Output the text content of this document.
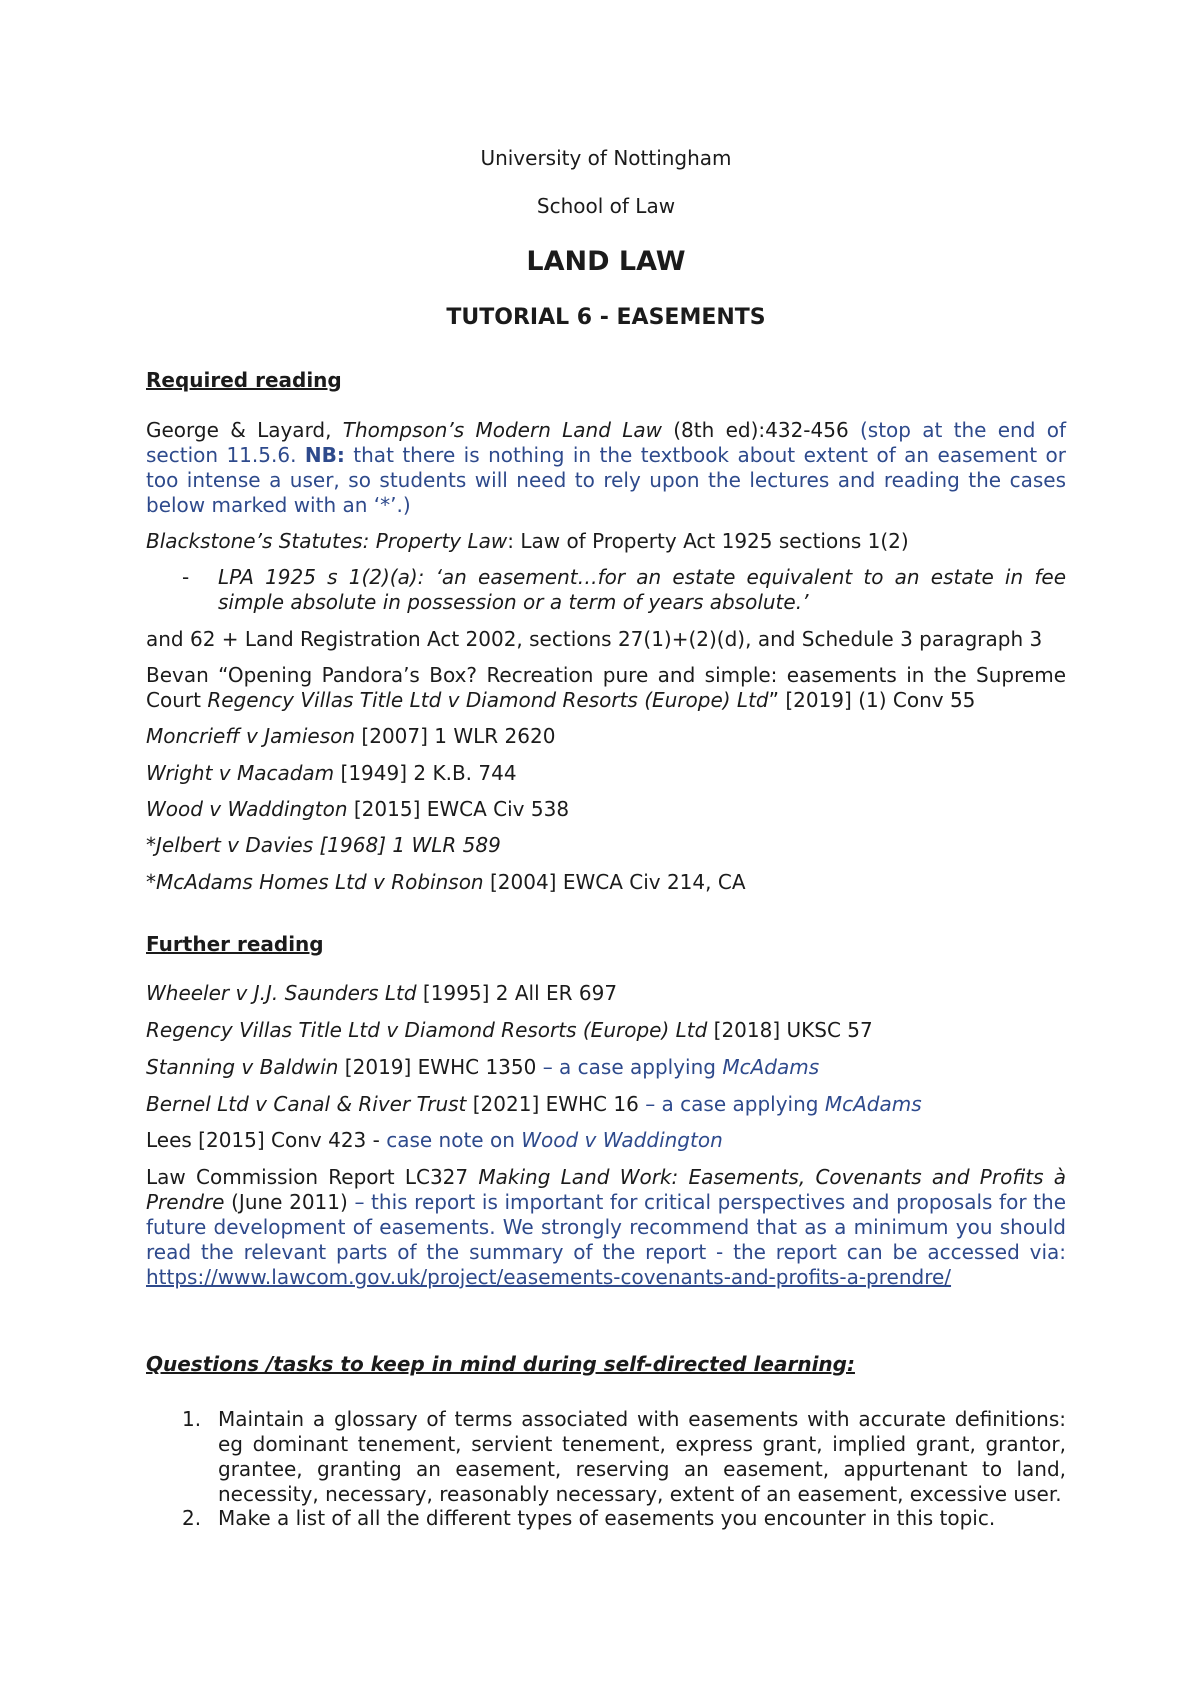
University of Nottingham
School of Law
LAND LAW
TUTORIAL 6 - EASEMENTS
Required reading
George & Layard, Thompson’s Modern Land Law (8th ed):432-456 (stop at the end of section 11.5.6. NB: that there is nothing in the textbook about extent of an easement or too intense a user, so students will need to rely upon the lectures and reading the cases below marked with an ‘*’.)
Blackstone’s Statutes: Property Law: Law of Property Act 1925 sections 1(2)
- LPA 1925 s 1(2)(a): ‘an easement…for an estate equivalent to an estate in fee simple absolute in possession or a term of years absolute.’
and 62 + Land Registration Act 2002, sections 27(1)+(2)(d), and Schedule 3 paragraph 3
Bevan “Opening Pandora’s Box? Recreation pure and simple: easements in the Supreme Court Regency Villas Title Ltd v Diamond Resorts (Europe) Ltd” [2019] (1) Conv 55
Moncrieff v Jamieson [2007] 1 WLR 2620
Wright v Macadam [1949] 2 K.B. 744
Wood v Waddington [2015] EWCA Civ 538
*Jelbert v Davies [1968] 1 WLR 589
*McAdams Homes Ltd v Robinson [2004] EWCA Civ 214, CA
Further reading
Wheeler v J.J. Saunders Ltd [1995] 2 All ER 697
Regency Villas Title Ltd v Diamond Resorts (Europe) Ltd [2018] UKSC 57
Stanning v Baldwin [2019] EWHC 1350 – a case applying McAdams
Bernel Ltd v Canal & River Trust [2021] EWHC 16 – a case applying McAdams
Lees [2015] Conv 423 - case note on Wood v Waddington
Law Commission Report LC327 Making Land Work: Easements, Covenants and Profits à Prendre (June 2011) – this report is important for critical perspectives and proposals for the future development of easements. We strongly recommend that as a minimum you should read the relevant parts of the summary of the report - the report can be accessed via: https://www.lawcom.gov.uk/project/easements-covenants-and-profits-a-prendre/
Questions /tasks to keep in mind during self-directed learning:
1. Maintain a glossary of terms associated with easements with accurate definitions: eg dominant tenement, servient tenement, express grant, implied grant, grantor, grantee, granting an easement, reserving an easement, appurtenant to land, necessity, necessary, reasonably necessary, extent of an easement, excessive user.
2. Make a list of all the different types of easements you encounter in this topic.
